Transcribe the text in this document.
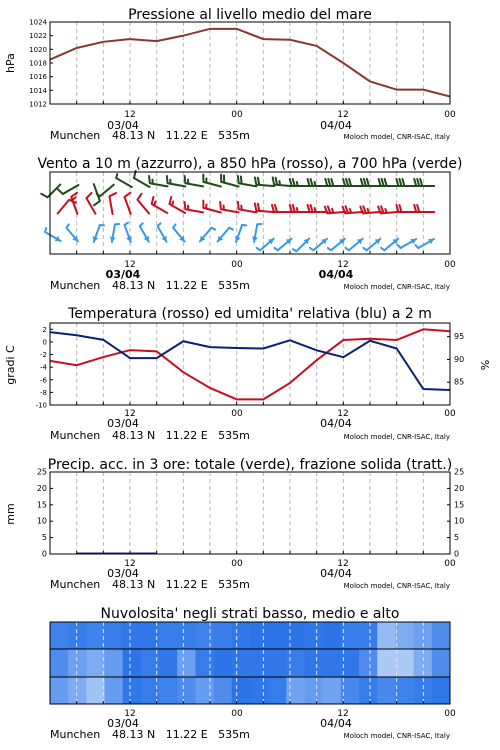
Pressione al livello medio del mare
hPa
1012
1014
1016
1018
1020
1022
1024
12	00	12	00
03/04	04/04
Munchen 48.13 N   11.22 E   535m	Moloch model, CNR-ISAC, Italy
Vento a 10 m (azzurro), a 850 hPa (rosso), a 700 hPa (verde)
12	00	12	00
03/04	04/04
Munchen 48.13 N   11.22 E   535m	Moloch model, CNR-ISAC, Italy
Temperatura (rosso) ed umidita' relativa (blu) a 2 m
gradi C	%
-10
-8
-6
-4
-2
0
2
85
90
95
12	00	12	00
03/04	04/04
Munchen 48.13 N   11.22 E   535m	Moloch model, CNR-ISAC, Italy
Precip. acc. in 3 ore: totale (verde), frazione solida (tratt.)
mm
0
5
10
15
20
25
0
5
10
15
20
25
12	00	12	00
03/04	04/04
Munchen 48.13 N   11.22 E   535m	Moloch model, CNR-ISAC, Italy
Nuvolosita' negli strati basso, medio e alto
12	00	12	00
03/04	04/04
Munchen 48.13 N   11.22 E   535m	Moloch model, CNR-ISAC, Italy
